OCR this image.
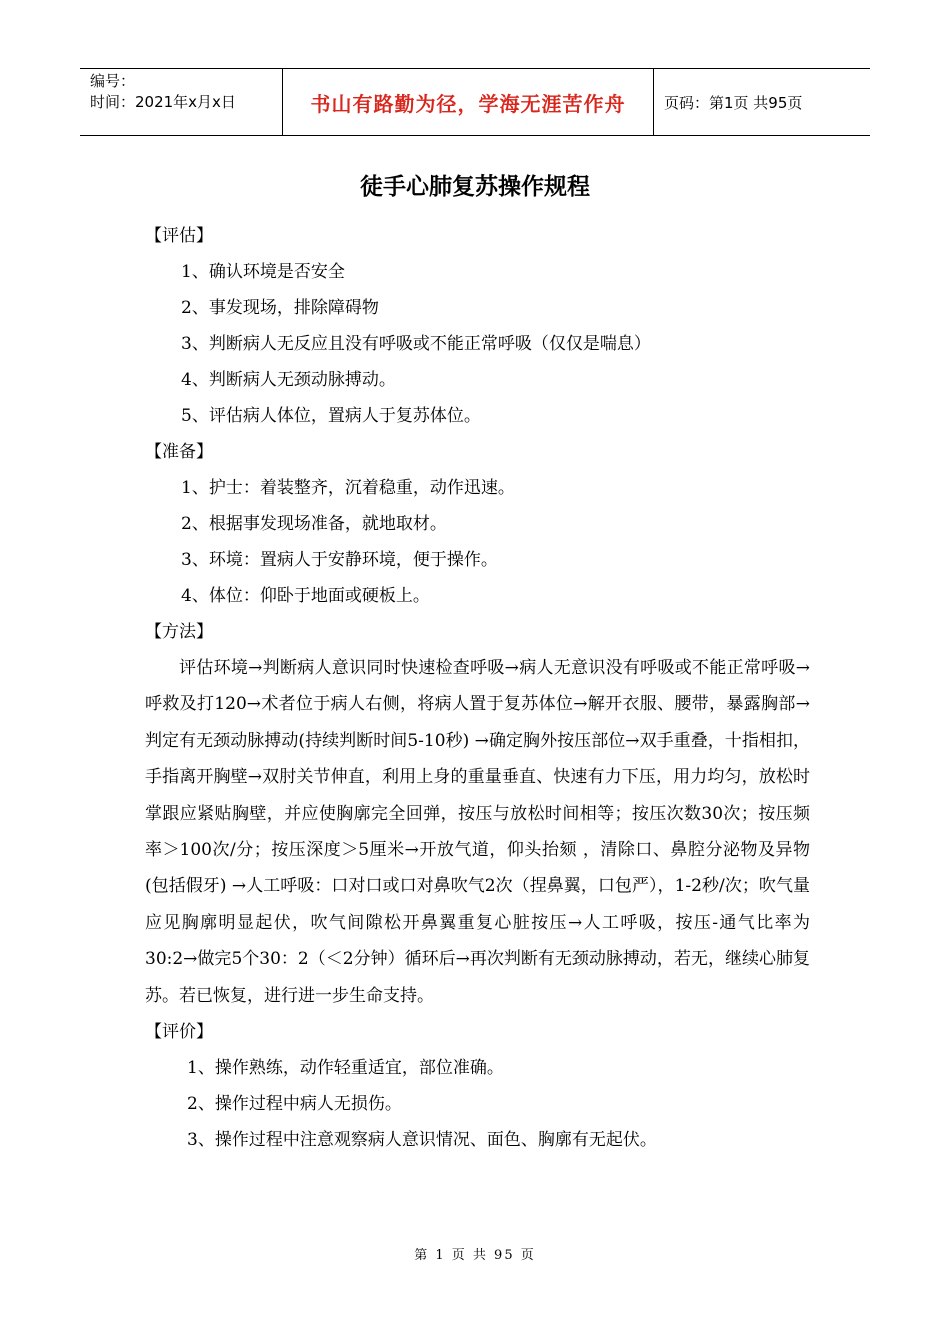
编号：
时间：2021年x月x日	书山有路勤为径，学海无涯苦作舟	页码：第1页 共95页
徒手心肺复苏操作规程
【评估】
1、确认环境是否安全
2、事发现场，排除障碍物
3、判断病人无反应且没有呼吸或不能正常呼吸（仅仅是喘息）
4、判断病人无颈动脉搏动。
5、评估病人体位，置病人于复苏体位。
【准备】
1、护士：着装整齐，沉着稳重，动作迅速。
2、根据事发现场准备，就地取材。
3、环境：置病人于安静环境，便于操作。
4、体位：仰卧于地面或硬板上。
【方法】

评估环境→判断病人意识同时快速检查呼吸→病人无意识没有呼吸或不能正常呼吸→呼救及打120→术者位于病人右侧，将病人置于复苏体位→解开衣服、腰带，暴露胸部→判定有无颈动脉搏动(持续判断时间5-10秒) →确定胸外按压部位→双手重叠，十指相扣，手指离开胸壁→双肘关节伸直，利用上身的重量垂直、快速有力下压，用力均匀，放松时掌跟应紧贴胸壁，并应使胸廓完全回弹，按压与放松时间相等；按压次数30次；按压频率＞100次/分；按压深度＞5厘米→开放气道，仰头抬颏 ，清除口、鼻腔分泌物及异物(包括假牙) →人工呼吸：口对口或口对鼻吹气2次（捏鼻翼，口包严），1-2秒/次；吹气量应见胸廓明显起伏，吹气间隙松开鼻翼重复心脏按压→人工呼吸，按压-通气比率为30:2→做完5个30：2（＜2分钟）循环后→再次判断有无颈动脉搏动，若无，继续心肺复苏。若已恢复，进行进一步生命支持。

【评价】
1、操作熟练，动作轻重适宜，部位准确。
2、操作过程中病人无损伤。
3、操作过程中注意观察病人意识情况、面色、胸廓有无起伏。
第 1 页 共 95 页
